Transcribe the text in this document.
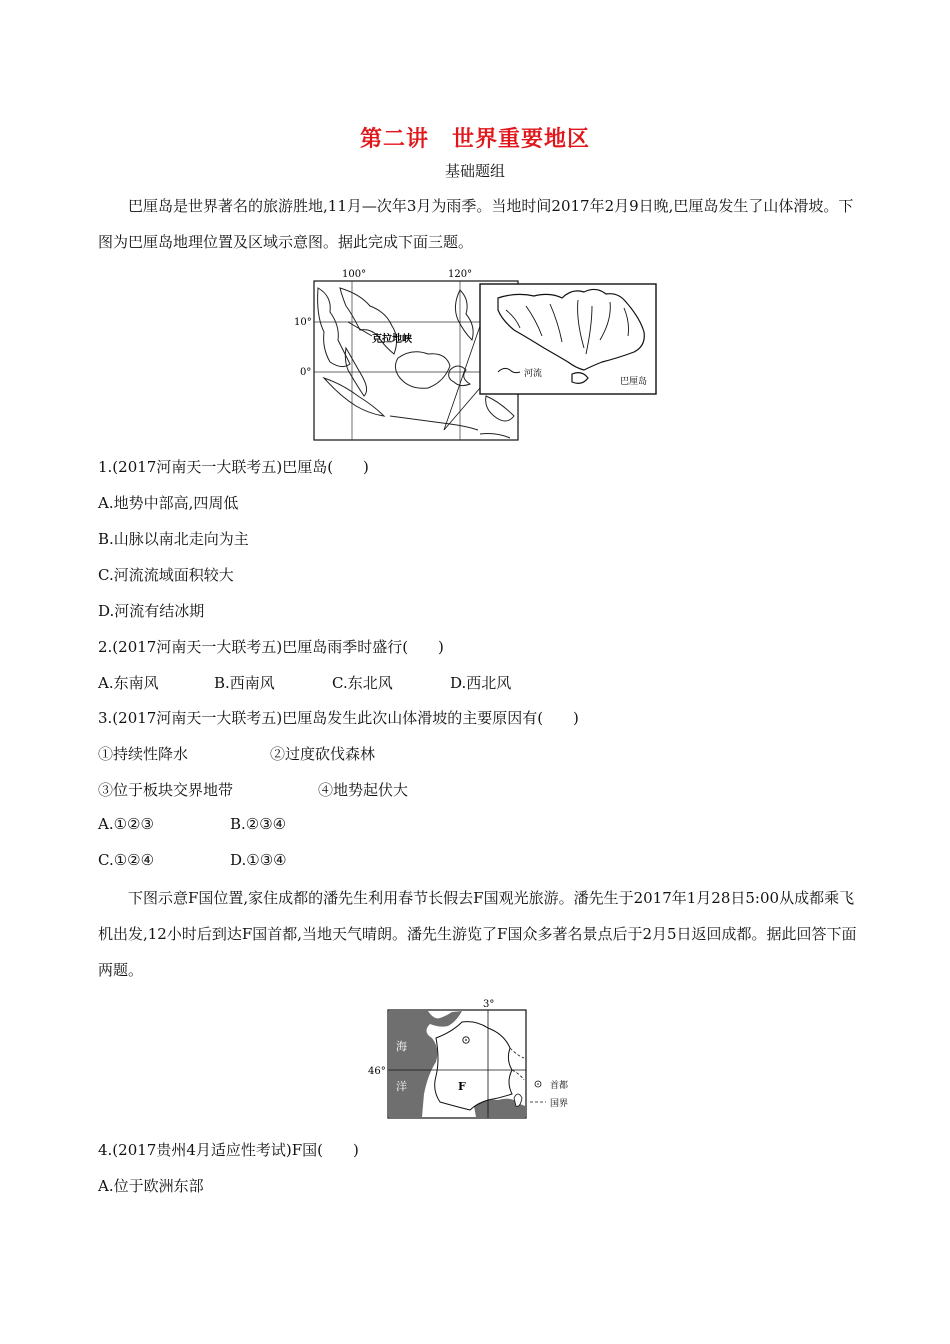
第二讲　世界重要地区
基础题组

巴厘岛是世界著名的旅游胜地,11月—次年3月为雨季。当地时间2017年2月9日晚,巴厘岛发生了山体滑坡。下图为巴厘岛地理位置及区域示意图。据此完成下面三题。

100°	120°
10°
0°
克拉地峡
河流
巴厘岛
1.(2017河南天一大联考五)巴厘岛(　　)
A.地势中部高,四周低
B.山脉以南北走向为主
C.河流流域面积较大
D.河流有结冰期
2.(2017河南天一大联考五)巴厘岛雨季时盛行(　　)
A.东南风	B.西南风	C.东北风	D.西北风
3.(2017河南天一大联考五)巴厘岛发生此次山体滑坡的主要原因有(　　)
①持续性降水	②过度砍伐森林
③位于板块交界地带	④地势起伏大
A.①②③	B.②③④
C.①②④	D.①③④

下图示意F国位置,家住成都的潘先生利用春节长假去F国观光旅游。潘先生于2017年1月28日5:00从成都乘飞机出发,12小时后到达F国首都,当地天气晴朗。潘先生游览了F国众多著名景点后于2月5日返回成都。据此回答下面两题。

3°
46°
海
洋	F	首都
国界
4.(2017贵州4月适应性考试)F国(　　)
A.位于欧洲东部
